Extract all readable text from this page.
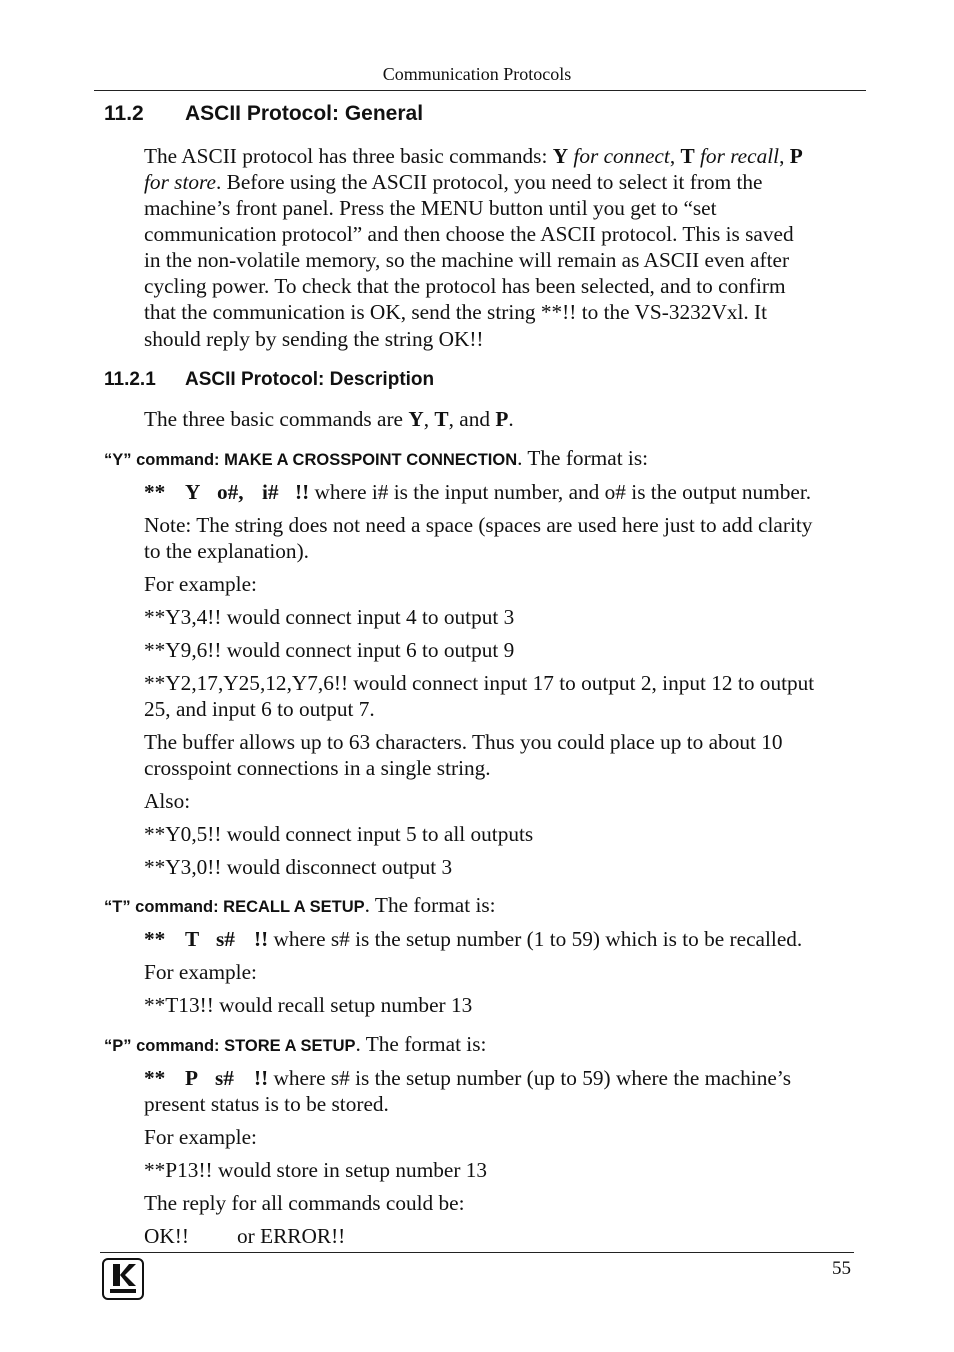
Communication Protocols
11.2 ASCII Protocol: General
The ASCII protocol has three basic commands: Y for connect, T for recall, P
for store. Before using the ASCII protocol, you need to select it from the
machine’s front panel. Press the MENU button until you get to “set
communication protocol” and then choose the ASCII protocol. This is saved
in the non-volatile memory, so the machine will remain as ASCII even after
cycling power. To check that the protocol has been selected, and to confirm
that the communication is OK, send the string **!! to the VS-3232Vxl. It
should reply by sending the string OK!!
11.2.1 ASCII Protocol: Description
The three basic commands are Y, T, and P.
“Y” command: MAKE A CROSSPOINT CONNECTION. The format is:
** Y o#, i# !! where i# is the input number, and o# is the output number.
Note: The string does not need a space (spaces are used here just to add clarity
to the explanation).
For example:
**Y3,4!! would connect input 4 to output 3
**Y9,6!! would connect input 6 to output 9
**Y2,17,Y25,12,Y7,6!! would connect input 17 to output 2, input 12 to output
25, and input 6 to output 7.
The buffer allows up to 63 characters. Thus you could place up to about 10
crosspoint connections in a single string.
Also:
**Y0,5!! would connect input 5 to all outputs
**Y3,0!! would disconnect output 3
“T” command: RECALL A SETUP. The format is:
** T s# !! where s# is the setup number (1 to 59) which is to be recalled.
For example:
**T13!! would recall setup number 13
“P” command: STORE A SETUP. The format is:
** P s# !! where s# is the setup number (up to 59) where the machine’s
present status is to be stored.
For example:
**P13!! would store in setup number 13
The reply for all commands could be:
OK!! or ERROR!!
55
